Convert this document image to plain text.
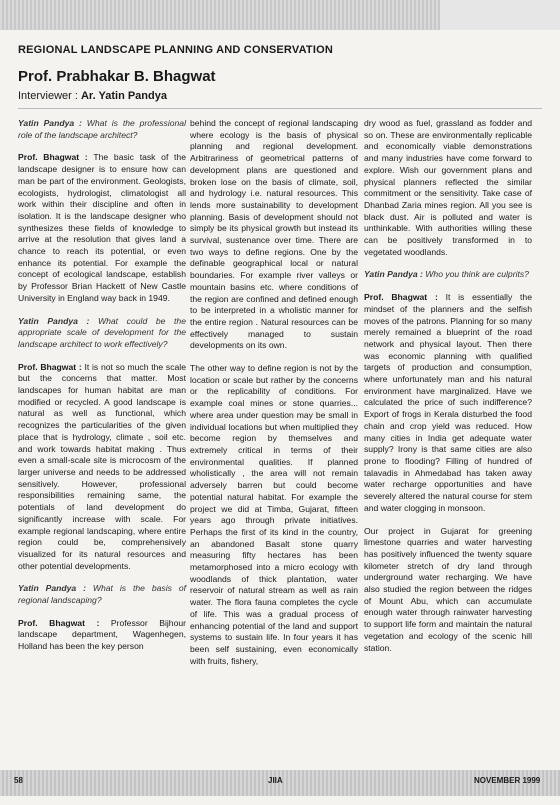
REGIONAL LANDSCAPE PLANNING AND CONSERVATION
Prof. Prabhakar B. Bhagwat
Interviewer : Ar. Yatin Pandya

Yatin Pandya : What is the professional role of the landscape architect?

Prof. Bhagwat : The basic task of the landscape designer is to ensure how can man be part of the environment. Geologists, ecologists, hydrologist, climatologist all work within their discipline and often in isolation. It is the landscape designer who synthesizes these fields of knowledge to arrive at the resolution that gives land a chance to reach its potential, or even enhance its potential. For example the concept of ecological landscape, establish by Professor Brian Hackett of New Castle University in England way back in 1949.

Yatin Pandya : What could be the appropriate scale of development for the landscape architect to work effectively?

Prof. Bhagwat : It is not so much the scale but the concerns that matter. Most landscapes for human habitat are man modified or recycled. A good landscape is natural as well as functional, which recognizes the particularities of the given place that is hydrology, climate , soil etc. and work towards habitat making . Thus even a small-scale site is microcosm of the larger universe and needs to be addressed sensitively. However, professional responsibilities remaining same, the potentials of land development do significantly increase with scale. For example regional landscaping, where entire region could be, comprehensively visualized for its natural resources and other potential developments.

Yatin Pandya : What is the basis of regional landscaping?

Prof. Bhagwat : Professor Bijhour landscape department, Wagenhegen, Holland has been the key person

behind the concept of regional landscaping where ecology is the basis of physical planning and regional development. Arbitrariness of geometrical patterns of development plans are questioned and broken lose on the basis of climate, soil, and hydrology i.e. natural resources. This lends more sustainability to development planning. Basis of development should not simply be its physical growth but instead its survival, sustenance over time. There are two ways to define regions. One by the definable geographical local or natural boundaries. For example river valleys or mountain basins etc. where conditions of the region are confined and defined enough to be interpreted in a wholistic manner for the entire region . Natural resources can be effectively managed to sustain developments on its own.

The other way to define region is not by the location or scale but rather by the concerns or the replicability of conditions. For example coal mines or stone quarries... where area under question may be small in individual locations but when multiplied they become region by themselves and extremely critical in terms of their environmental qualities. If planned wholistically , the area will not remain adversely barren but could become potential natural habitat. For example the project we did at Timba, Gujarat, fifteen years ago through private initiatives. Perhaps the first of its kind in the country, an abandoned Basalt stone quarry measuring fifty hectares has been metamorphosed into a micro ecology with woodlands of thick plantation, water reservoir of natural stream as well as rain water. The flora fauna completes the cycle of life. This was a gradual process of enhancing potential of the land and support systems to sustain life. In four years it has been self sustaining, even economically with fruits, fishery,

dry wood as fuel, grassland as fodder and so on. These are environmentally replicable and economically viable demonstrations and many industries have come forward to explore. Wish our government plans and physical planners reflected the similar commitment or the sensitivity. Take case of Dhanbad Zaria mines region. All you see is black dust. Air is polluted and water is unthinkable. With authorities willing these can be positively transformed in to vegetated woodlands.

Yatin Pandya : Who you think are culprits?

Prof. Bhagwat : It is essentially the mindset of the planners and the selfish moves of the patrons. Planning for so many merely remained a blueprint of the road network and physical layout. Then there was economic planning with qualified targets of production and consumption, where unfortunately man and his natural environment have marginalized. Have we calculated the price of such indifference? Export of frogs in Kerala disturbed the food chain and crop yield was reduced. How many cities in India get adequate water supply? Irony is that same cities are also prone to flooding? Filling of hundred of talavadis in Ahmedabad has taken away water recharge opportunities and have severely altered the natural course for stem and water clogging in monsoon.

Our project in Gujarat for greening limestone quarries and water harvesting has positively influenced the twenty square kilometer stretch of dry land through underground water recharging. We have also studied the region between the ridges of Mount Abu, which can accumulate enough water through rainwater harvesting to support life form and maintain the natural vegetation and ecology of the scenic hill station.

58	JIIA	NOVEMBER 1999
